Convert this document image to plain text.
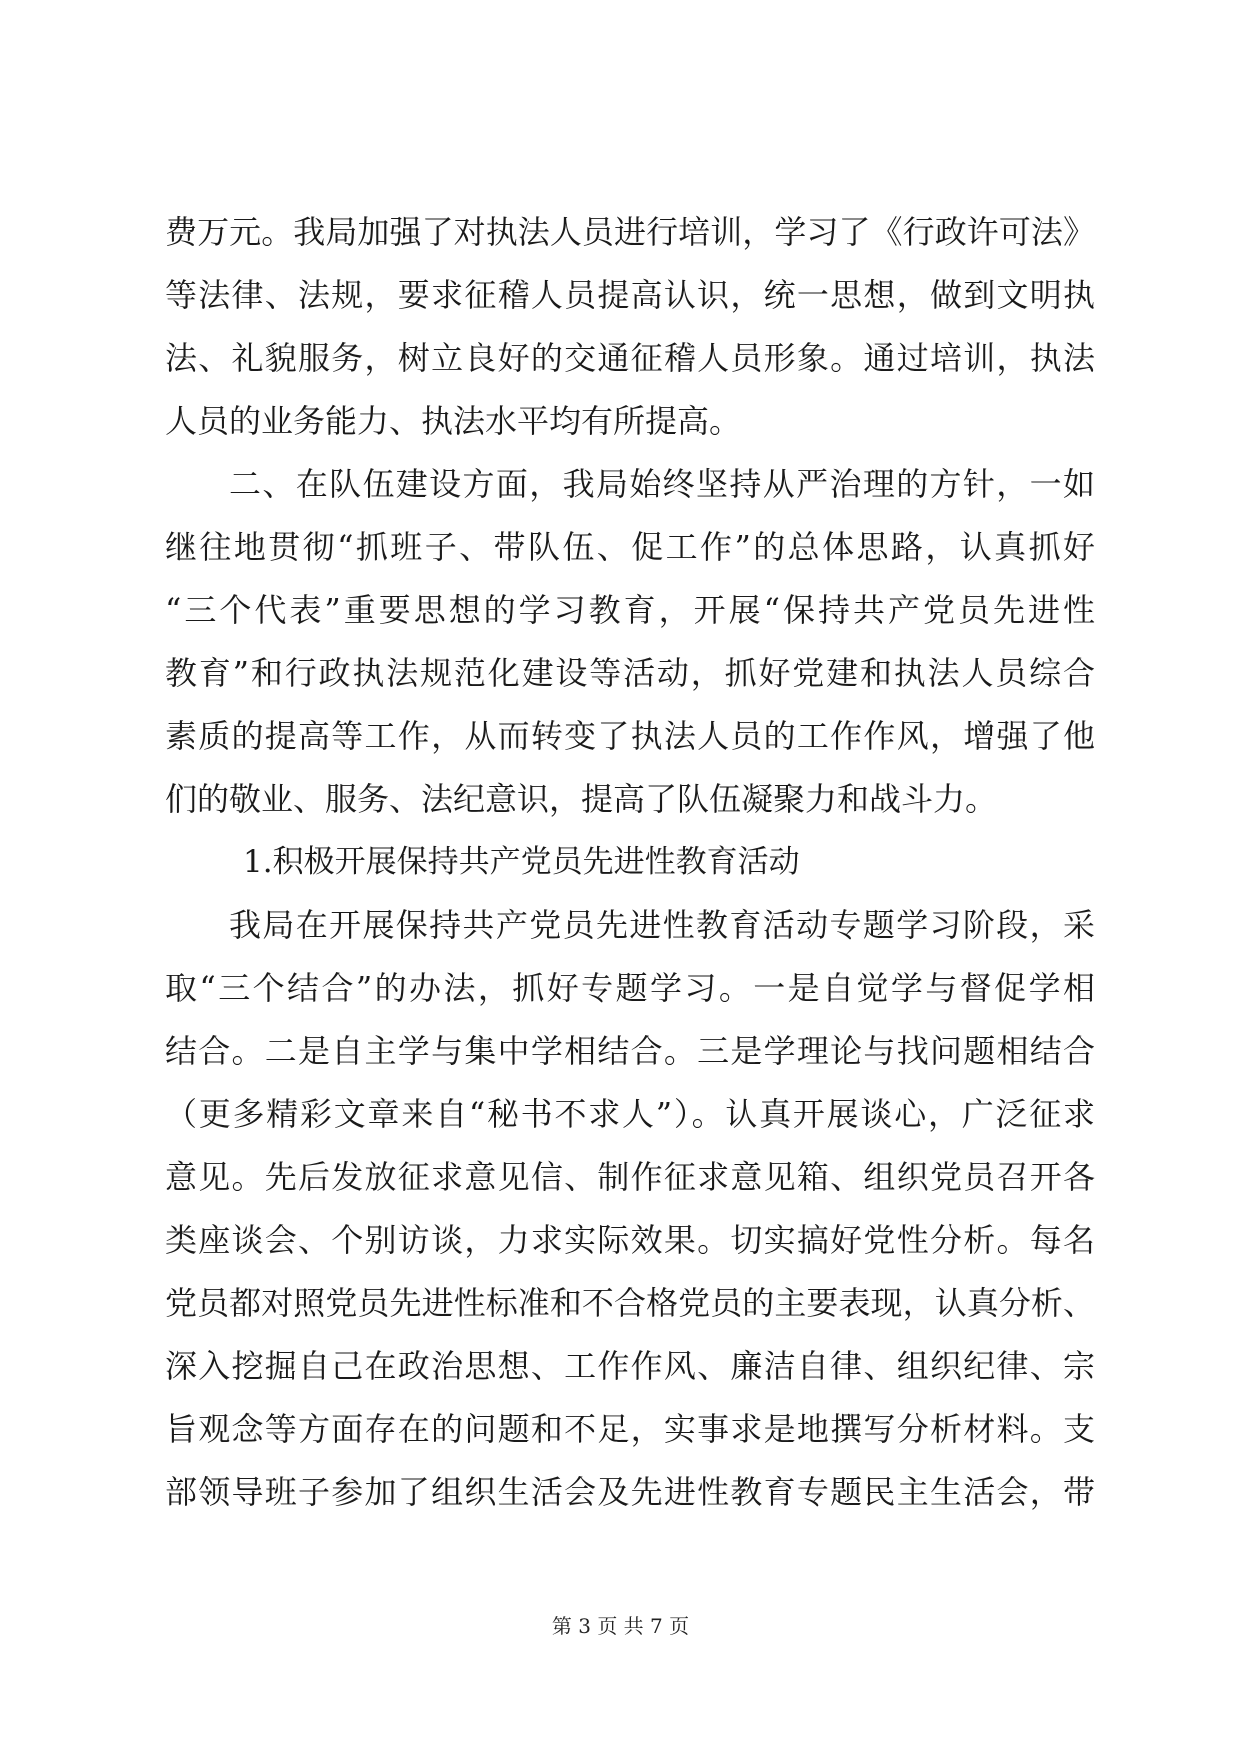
费万元。我局加强了对执法人员进行培训，学习了《行政许可法》
等法律、法规，要求征稽人员提高认识，统一思想，做到文明执
法、礼貌服务，树立良好的交通征稽人员形象。通过培训，执法
人员的业务能力、执法水平均有所提高。
二、在队伍建设方面，我局始终坚持从严治理的方针，一如
继往地贯彻“抓班子、带队伍、促工作”的总体思路，认真抓好
“三个代表”重要思想的学习教育，开展“保持共产党员先进性
教育”和行政执法规范化建设等活动，抓好党建和执法人员综合
素质的提高等工作，从而转变了执法人员的工作作风，增强了他
们的敬业、服务、法纪意识，提高了队伍凝聚力和战斗力。
1.积极开展保持共产党员先进性教育活动
我局在开展保持共产党员先进性教育活动专题学习阶段，采
取“三个结合”的办法，抓好专题学习。一是自觉学与督促学相
结合。二是自主学与集中学相结合。三是学理论与找问题相结合
（更多精彩文章来自“秘书不求人”）。认真开展谈心，广泛征求
意见。先后发放征求意见信、制作征求意见箱、组织党员召开各
类座谈会、个别访谈，力求实际效果。切实搞好党性分析。每名
党员都对照党员先进性标准和不合格党员的主要表现，认真分析、
深入挖掘自己在政治思想、工作作风、廉洁自律、组织纪律、宗
旨观念等方面存在的问题和不足，实事求是地撰写分析材料。支
部领导班子参加了组织生活会及先进性教育专题民主生活会，带
第 3 页 共 7 页
